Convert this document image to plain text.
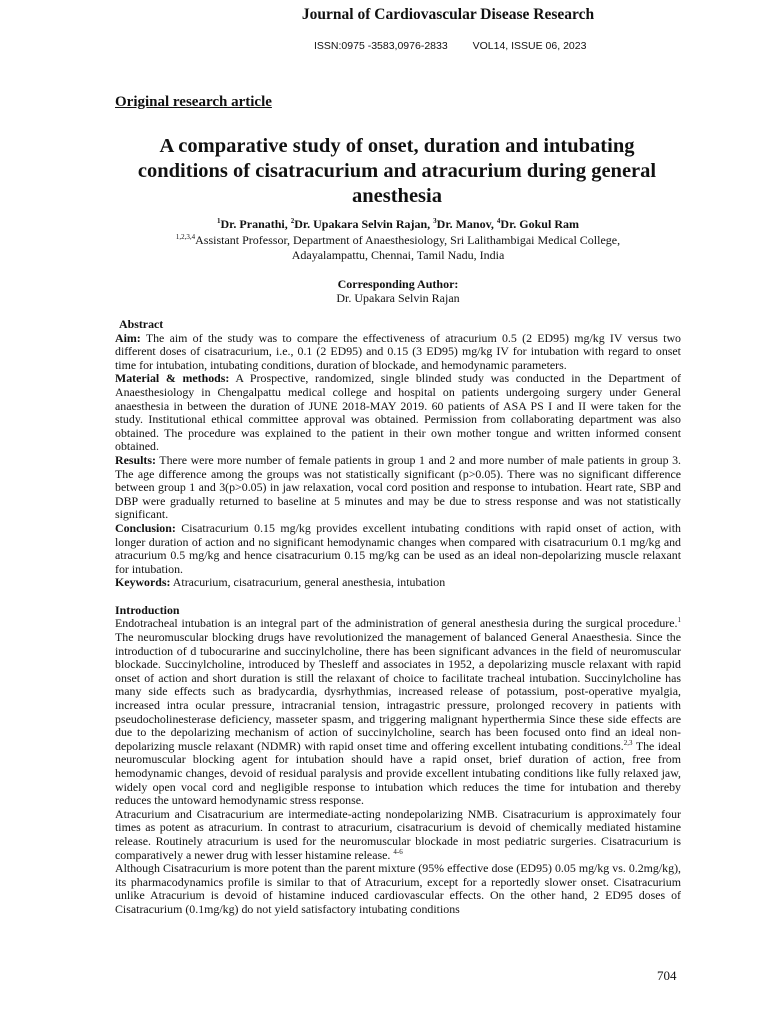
Journal of Cardiovascular Disease Research
ISSN:0975 -3583,0976-2833 VOL14, ISSUE 06, 2023
Original research article
A comparative study of onset, duration and intubating conditions of cisatracurium and atracurium during general anesthesia
$^1$Dr. Pranathi, $^2$Dr. Upakara Selvin Rajan, $^3$Dr. Manov, $^4$Dr. Gokul Ram
$^{1,2,3,4}$Assistant Professor, Department of Anaesthesiology, Sri Lalithambigai Medical College,
Adayalampattu, Chennai, Tamil Nadu, India
Corresponding Author:
Dr. Upakara Selvin Rajan

Abstract

Aim: The aim of the study was to compare the effectiveness of atracurium 0.5 (2 ED95) mg/kg IV versus two different doses of cisatracurium, i.e., 0.1 (2 ED95) and 0.15 (3 ED95) mg/kg IV for intubation with regard to onset time for intubation, intubating conditions, duration of blockade, and hemodynamic parameters.

Material & methods: A Prospective, randomized, single blinded study was conducted in the Department of Anaesthesiology in Chengalpattu medical college and hospital on patients undergoing surgery under General anaesthesia in between the duration of JUNE 2018-MAY 2019. 60 patients of ASA PS I and II were taken for the study. Institutional ethical committee approval was obtained. Permission from collaborating department was also obtained. The procedure was explained to the patient in their own mother tongue and written informed consent obtained.

Results: There were more number of female patients in group 1 and 2 and more number of male patients in group 3. The age difference among the groups was not statistically significant (p>0.05). There was no significant difference between group 1 and 3(p>0.05) in jaw relaxation, vocal cord position and response to intubation. Heart rate, SBP and DBP were gradually returned to baseline at 5 minutes and may be due to stress response and was not statistically significant.

Conclusion: Cisatracurium 0.15 mg/kg provides excellent intubating conditions with rapid onset of action, with longer duration of action and no significant hemodynamic changes when compared with cisatracurium 0.1 mg/kg and atracurium 0.5 mg/kg and hence cisatracurium 0.15 mg/kg can be used as an ideal non-depolarizing muscle relaxant for intubation.

Keywords: Atracurium, cisatracurium, general anesthesia, intubation

Introduction

Endotracheal intubation is an integral part of the administration of general anesthesia during the surgical procedure.$^1$ The neuromuscular blocking drugs have revolutionized the management of balanced General Anaesthesia. Since the introduction of d tubocurarine and succinylcholine, there has been significant advances in the field of neuromuscular blockade. Succinylcholine, introduced by Thesleff and associates in 1952, a depolarizing muscle relaxant with rapid onset of action and short duration is still the relaxant of choice to facilitate tracheal intubation. Succinylcholine has many side effects such as bradycardia, dysrhythmias, increased release of potassium, post-operative myalgia, increased intra ocular pressure, intracranial tension, intragastric pressure, prolonged recovery in patients with pseudocholinesterase deficiency, masseter spasm, and triggering malignant hyperthermia Since these side effects are due to the depolarizing mechanism of action of succinylcholine, search has been focused onto find an ideal non-depolarizing muscle relaxant (NDMR) with rapid onset time and offering excellent intubating conditions.$^{2,3}$ The ideal neuromuscular blocking agent for intubation should have a rapid onset, brief duration of action, free from hemodynamic changes, devoid of residual paralysis and provide excellent intubating conditions like fully relaxed jaw, widely open vocal cord and negligible response to intubation which reduces the time for intubation and thereby reduces the untoward hemodynamic stress response.

Atracurium and Cisatracurium are intermediate-acting nondepolarizing NMB. Cisatracurium is approximately four times as potent as atracurium. In contrast to atracurium, cisatracurium is devoid of chemically mediated histamine release. Routinely atracurium is used for the neuromuscular blockade in most pediatric surgeries. Cisatracurium is comparatively a newer drug with lesser histamine release. $^{4-6}$

Although Cisatracurium is more potent than the parent mixture (95% effective dose (ED95) 0.05 mg/kg vs. 0.2mg/kg), its pharmacodynamics profile is similar to that of Atracurium, except for a reportedly slower onset. Cisatracurium unlike Atracurium is devoid of histamine induced cardiovascular effects. On the other hand, 2 ED95 doses of Cisatracurium (0.1mg/kg) do not yield satisfactory intubating conditions

704
